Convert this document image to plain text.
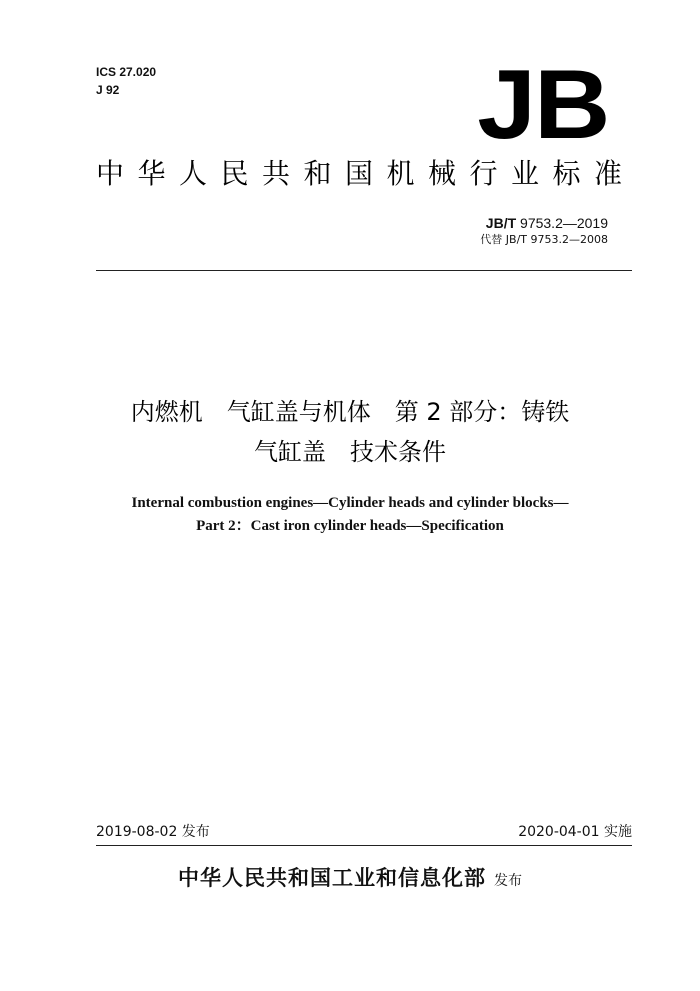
ICS 27.020
J 92	JB
中华人民共和国机械行业标准
JB/T 9753.2—2019
代替 JB/T 9753.2—2008
内燃机　气缸盖与机体　第 2 部分：铸铁
气缸盖　技术条件
Internal combustion engines—Cylinder heads and cylinder blocks—
Part 2：Cast iron cylinder heads—Specification
2019-08-02 发布	2020-04-01 实施
中华人民共和国工业和信息化部 发布
